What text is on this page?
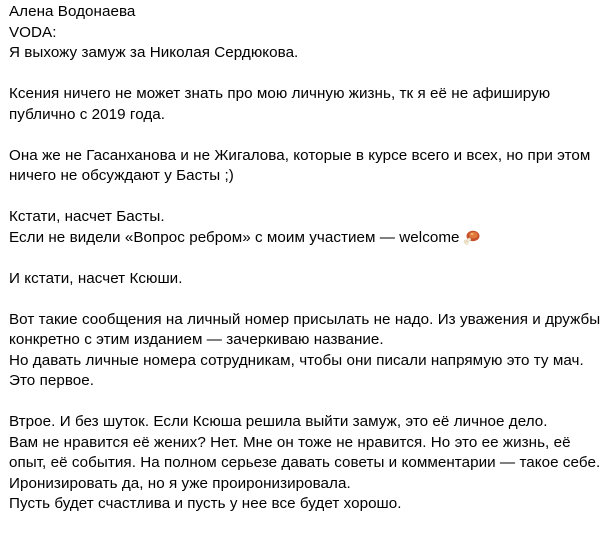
Алена Водонаева
VODA:
Я выхожу замуж за Николая Сердюкова.
Ксения ничего не может знать про мою личную жизнь, тк я её не афиширую
публично с 2019 года.
Она же не Гасанханова и не Жигалова, которые в курсе всего и всех, но при этом
ничего не обсуждают у Басты ;)
Кстати, насчет Басты.
Если не видели «Вопрос ребром» с моим участием — welcome
И кстати, насчет Ксюши.
Вот такие сообщения на личный номер присылать не надо. Из уважения и дружбы
конкретно с этим изданием — зачеркиваю название.
Но давать личные номера сотрудникам, чтобы они писали напрямую это ту мач.
Это первое.
Втрое. И без шуток. Если Ксюша решила выйти замуж, это её личное дело.
Вам не нравится её жених? Нет. Мне он тоже не нравится. Но это ее жизнь, её
опыт, её события. На полном серьезе давать советы и комментарии — такое себе.
Иронизировать да, но я уже проиронизировала.
Пусть будет счастлива и пусть у нее все будет хорошо.
